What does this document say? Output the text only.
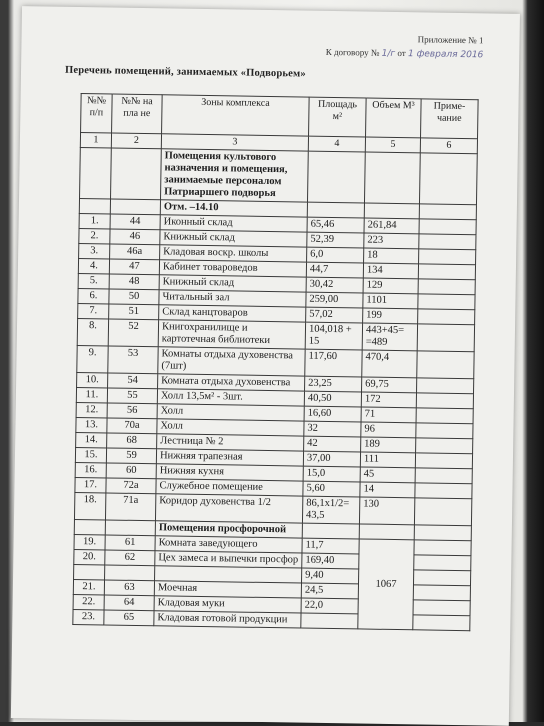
Приложение № 1
К договору № 1/г от 1 февраля 2016
Перечень помещений, занимаемых «Подворьем»
№№ п/п	№№ на пла не	Зоны комплекса	Площадь м²	Объем М³	Приме- чание
1	2	3	4	5	6
		Помещения культового назначения и помещения, занимаемые персоналом Патриаршего подворья			
		Отм. –14.10			
1.	44	Иконный склад	65,46	261,84	
2.	46	Книжный склад	52,39	223	
3.	46а	Кладовая воскр. школы	6,0	18	
4.	47	Кабинет товароведов	44,7	134	
5.	48	Книжный склад	30,42	129	
6.	50	Читальный зал	259,00	1101	
7.	51	Склад канцтоваров	57,02	199	
8.	52	Книгохранилище и картотечная библиотеки	104,018 + 15	443+45= =489	
9.	53	Комнаты отдыха духовенства (7шт)	117,60	470,4	
10.	54	Комната отдыха духовенства	23,25	69,75	
11.	55	Холл 13,5м² - 3шт.	40,50	172	
12.	56	Холл	16,60	71	
13.	70а	Холл	32	96	
14.	68	Лестница № 2	42	189	
15.	59	Нижняя трапезная	37,00	111	
16.	60	Нижняя кухня	15,0	45	
17.	72а	Служебное помещение	5,60	14	
18.	71а	Коридор духовенства 1/2	86,1х1/2= 43,5	130	
		Помещения просфорочной			
19.	61	Комната заведующего	11,7	1067	
20.	62	Цех замеса и выпечки просфор	169,40		
			9,40		
21.	63	Моечная	24,5		
22.	64	Кладовая муки	22,0		
23.	65	Кладовая готовой продукции			
